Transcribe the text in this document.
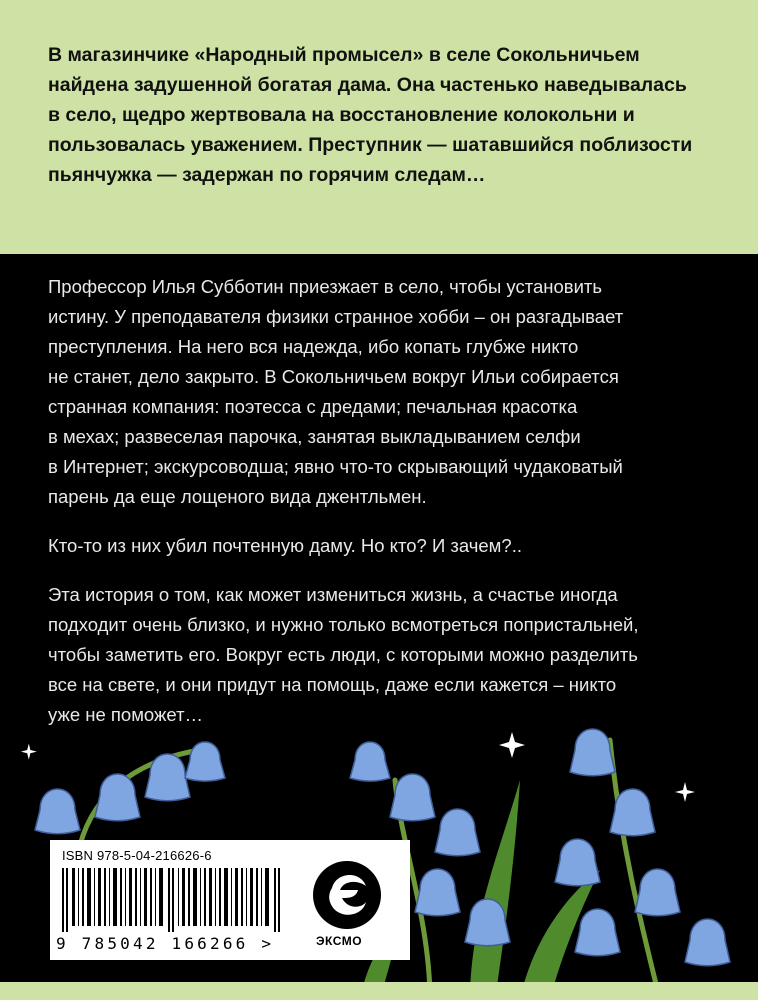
В магазинчике «Народный промысел» в селе Сокольничьем

найдена задушенной богатая дама. Она частенько наведывалась

в село, щедро жертвовала на восстановление колокольни и

пользовалась уважением. Преступник — шатавшийся поблизости

пьянчужка — задержан по горячим следам…

Профессор Илья Субботин приезжает в село, чтобы установить
истину. У преподавателя физики странное хобби – он разгадывает
преступления. На него вся надежда, ибо копать глубже никто
не станет, дело закрыто. В Сокольничьем вокруг Ильи собирается
странная компания: поэтесса с дредами; печальная красотка
в мехах; развеселая парочка, занятая выкладыванием селфи
в Интернет; экскурсоводша; явно что-то скрывающий чудаковатый
парень да еще лощеного вида джентльмен.
Кто-то из них убил почтенную даму. Но кто? И зачем?..
Эта история о том, как может измениться жизнь, а счастье иногда
подходит очень близко, и нужно только всмотреться попристальней,
чтобы заметить его. Вокруг есть люди, с которыми можно разделить
все на свете, и они придут на помощь, даже если кажется – никто
уже не поможет…
ISBN 978-5-04-216626-6
9 785042 166266 >	ЭКСМО
